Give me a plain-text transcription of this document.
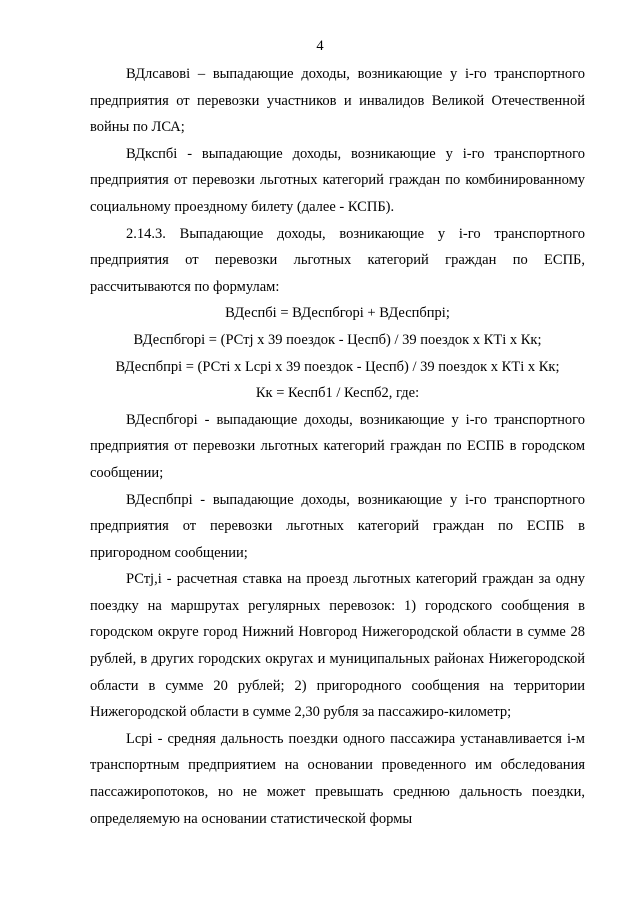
4

ВДлсавові – выпадающие доходы, возникающие у і-го транспортного предприятия от перевозки участников и инвалидов Великой Отечественной войны по ЛСА;

ВДкспбі - выпадающие доходы, возникающие у і-го транспортного предприятия от перевозки льготных категорий граждан по комбинированному социальному проездному билету (далее - КСПБ).

2.14.3. Выпадающие доходы, возникающие у і-го транспортного предприятия от перевозки льготных категорий граждан по ЕСПБ, рассчитываются по формулам:

ВДеспбі = ВДеспбгорі + ВДеспбпрі;

ВДеспбгорі = (РСтj х 39 поездок - Цеспб) / 39 поездок х КТі х Кк;

ВДеспбпрі = (РСті х Lсрі х 39 поездок - Цеспб) / 39 поездок х КТі х Кк;

Кк = Кеспб1 / Кеспб2, где:

ВДеспбгорі - выпадающие доходы, возникающие у і-го транспортного предприятия от перевозки льготных категорий граждан по ЕСПБ в городском сообщении;

ВДеспбпрі - выпадающие доходы, возникающие у і-го транспортного предприятия от перевозки льготных категорий граждан по ЕСПБ в пригородном сообщении;

РСтj,і - расчетная ставка на проезд льготных категорий граждан за одну поездку на маршрутах регулярных перевозок: 1) городского сообщения в городском округе город Нижний Новгород Нижегородской области в сумме 28 рублей, в других городских округах и муниципальных районах Нижегородской области в сумме 20 рублей; 2) пригородного сообщения на территории Нижегородской области в сумме 2,30 рубля за пассажиро-километр;

Lсрі - средняя дальность поездки одного пассажира устанавливается і-м транспортным предприятием на основании проведенного им обследования пассажиропотоков, но не может превышать среднюю дальность поездки, определяемую на основании статистической формы
